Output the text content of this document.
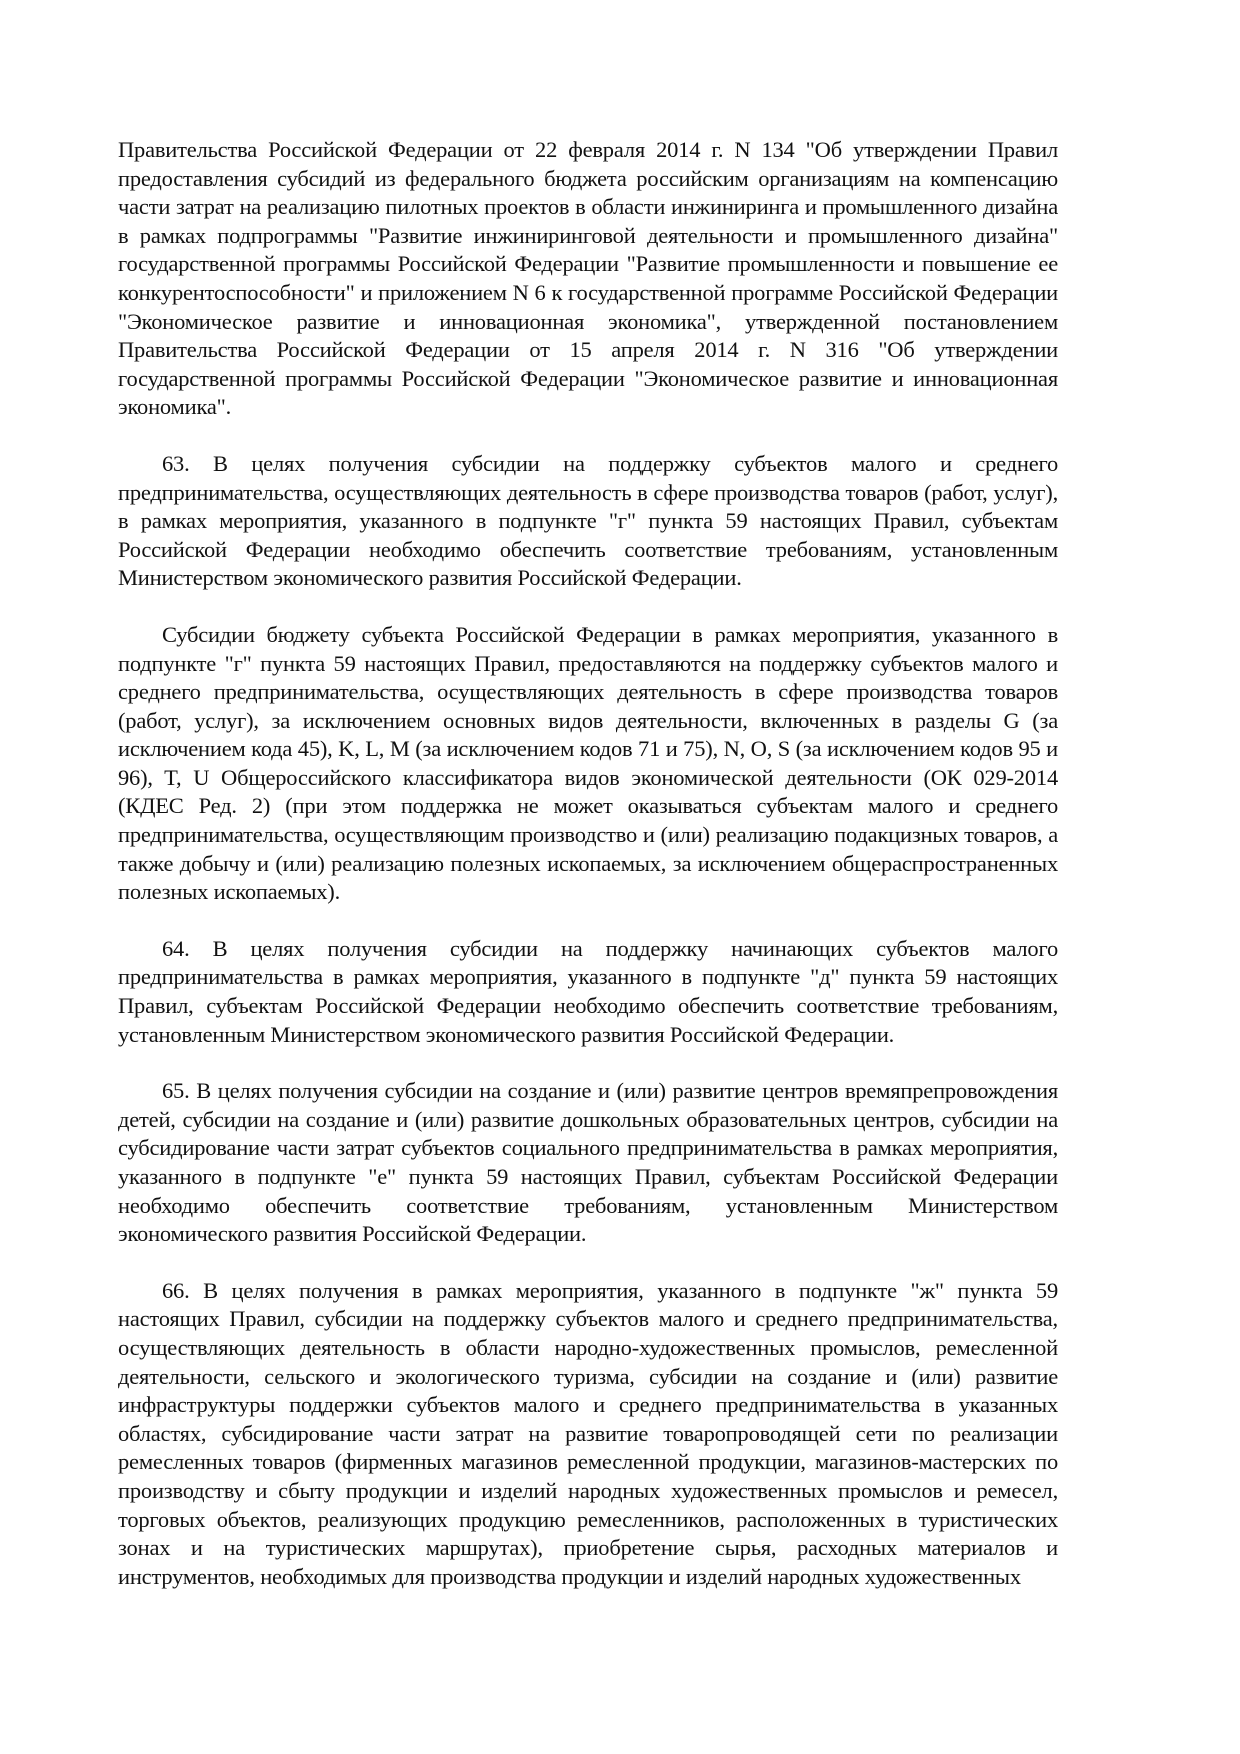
Правительства Российской Федерации от 22 февраля 2014 г. N 134 "Об утверждении Правил предоставления субсидий из федерального бюджета российским организациям на компенсацию части затрат на реализацию пилотных проектов в области инжиниринга и промышленного дизайна в рамках подпрограммы "Развитие инжиниринговой деятельности и промышленного дизайна" государственной программы Российской Федерации "Развитие промышленности и повышение ее конкурентоспособности" и приложением N 6 к государственной программе Российской Федерации "Экономическое развитие и инновационная экономика", утвержденной постановлением Правительства Российской Федерации от 15 апреля 2014 г. N 316 "Об утверждении государственной программы Российской Федерации "Экономическое развитие и инновационная экономика".

63. В целях получения субсидии на поддержку субъектов малого и среднего предпринимательства, осуществляющих деятельность в сфере производства товаров (работ, услуг), в рамках мероприятия, указанного в подпункте "г" пункта 59 настоящих Правил, субъектам Российской Федерации необходимо обеспечить соответствие требованиям, установленным Министерством экономического развития Российской Федерации.

Субсидии бюджету субъекта Российской Федерации в рамках мероприятия, указанного в подпункте "г" пункта 59 настоящих Правил, предоставляются на поддержку субъектов малого и среднего предпринимательства, осуществляющих деятельность в сфере производства товаров (работ, услуг), за исключением основных видов деятельности, включенных в разделы G (за исключением кода 45), K, L, M (за исключением кодов 71 и 75), N, O, S (за исключением кодов 95 и 96), T, U Общероссийского классификатора видов экономической деятельности (ОК 029-2014 (КДЕС Ред. 2) (при этом поддержка не может оказываться субъектам малого и среднего предпринимательства, осуществляющим производство и (или) реализацию подакцизных товаров, а также добычу и (или) реализацию полезных ископаемых, за исключением общераспространенных полезных ископаемых).

64. В целях получения субсидии на поддержку начинающих субъектов малого предпринимательства в рамках мероприятия, указанного в подпункте "д" пункта 59 настоящих Правил, субъектам Российской Федерации необходимо обеспечить соответствие требованиям, установленным Министерством экономического развития Российской Федерации.

65. В целях получения субсидии на создание и (или) развитие центров времяпрепровождения детей, субсидии на создание и (или) развитие дошкольных образовательных центров, субсидии на субсидирование части затрат субъектов социального предпринимательства в рамках мероприятия, указанного в подпункте "е" пункта 59 настоящих Правил, субъектам Российской Федерации необходимо обеспечить соответствие требованиям, установленным Министерством экономического развития Российской Федерации.

66. В целях получения в рамках мероприятия, указанного в подпункте "ж" пункта 59 настоящих Правил, субсидии на поддержку субъектов малого и среднего предпринимательства, осуществляющих деятельность в области народно-художественных промыслов, ремесленной деятельности, сельского и экологического туризма, субсидии на создание и (или) развитие инфраструктуры поддержки субъектов малого и среднего предпринимательства в указанных областях, субсидирование части затрат на развитие товаропроводящей сети по реализации ремесленных товаров (фирменных магазинов ремесленной продукции, магазинов-мастерских по производству и сбыту продукции и изделий народных художественных промыслов и ремесел, торговых объектов, реализующих продукцию ремесленников, расположенных в туристических зонах и на туристических маршрутах), приобретение сырья, расходных материалов и инструментов, необходимых для производства продукции и изделий народных художественных
